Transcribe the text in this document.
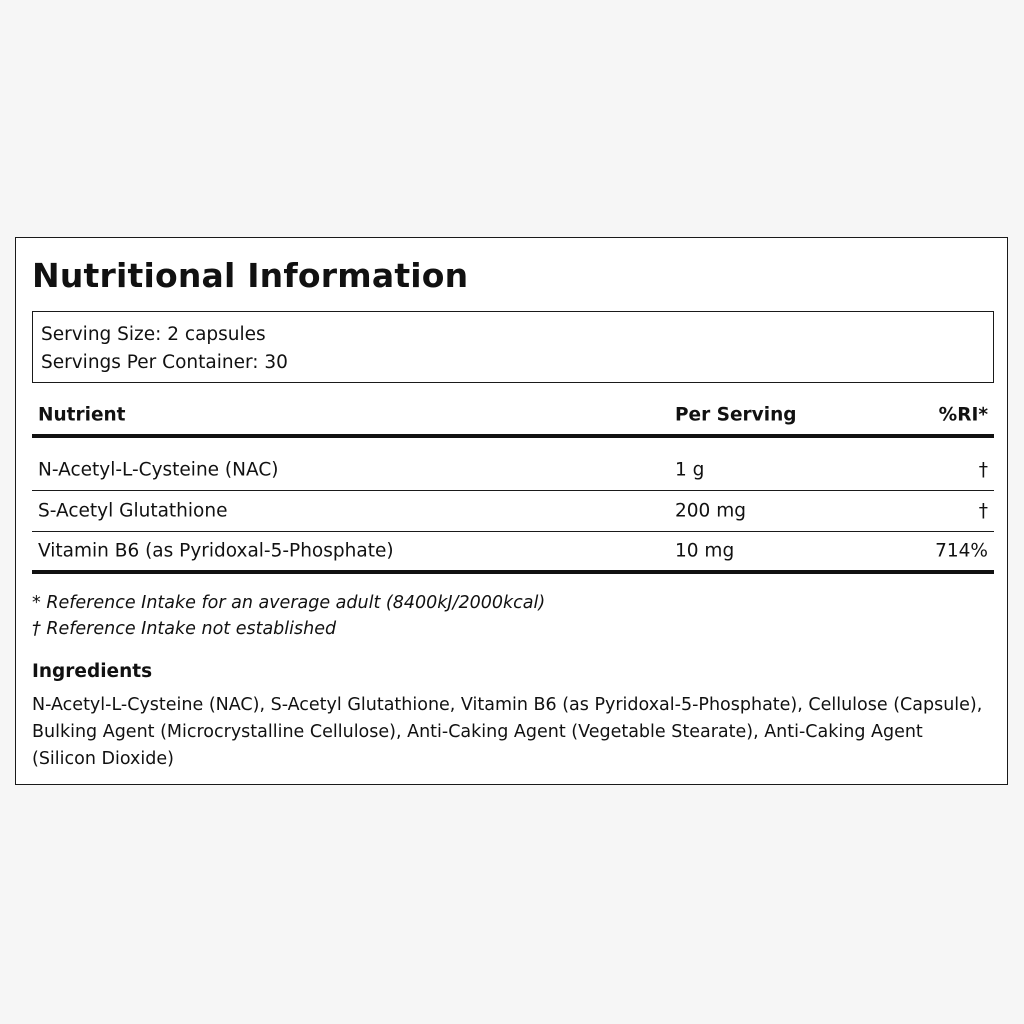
Nutritional Information
Serving Size: 2 capsules
Servings Per Container: 30
Nutrient	Per Serving	%RI*
N-Acetyl-L-Cysteine (NAC)	1 g	†
S-Acetyl Glutathione	200 mg	†
Vitamin B6 (as Pyridoxal-5-Phosphate)	10 mg	714%
* Reference Intake for an average adult (8400kJ/2000kcal)
† Reference Intake not established
Ingredients

N-Acetyl-L-Cysteine (NAC), S-Acetyl Glutathione, Vitamin B6 (as Pyridoxal-5-Phosphate), Cellulose (Capsule), Bulking Agent (Microcrystalline Cellulose), Anti-Caking Agent (Vegetable Stearate), Anti-Caking Agent (Silicon Dioxide)
